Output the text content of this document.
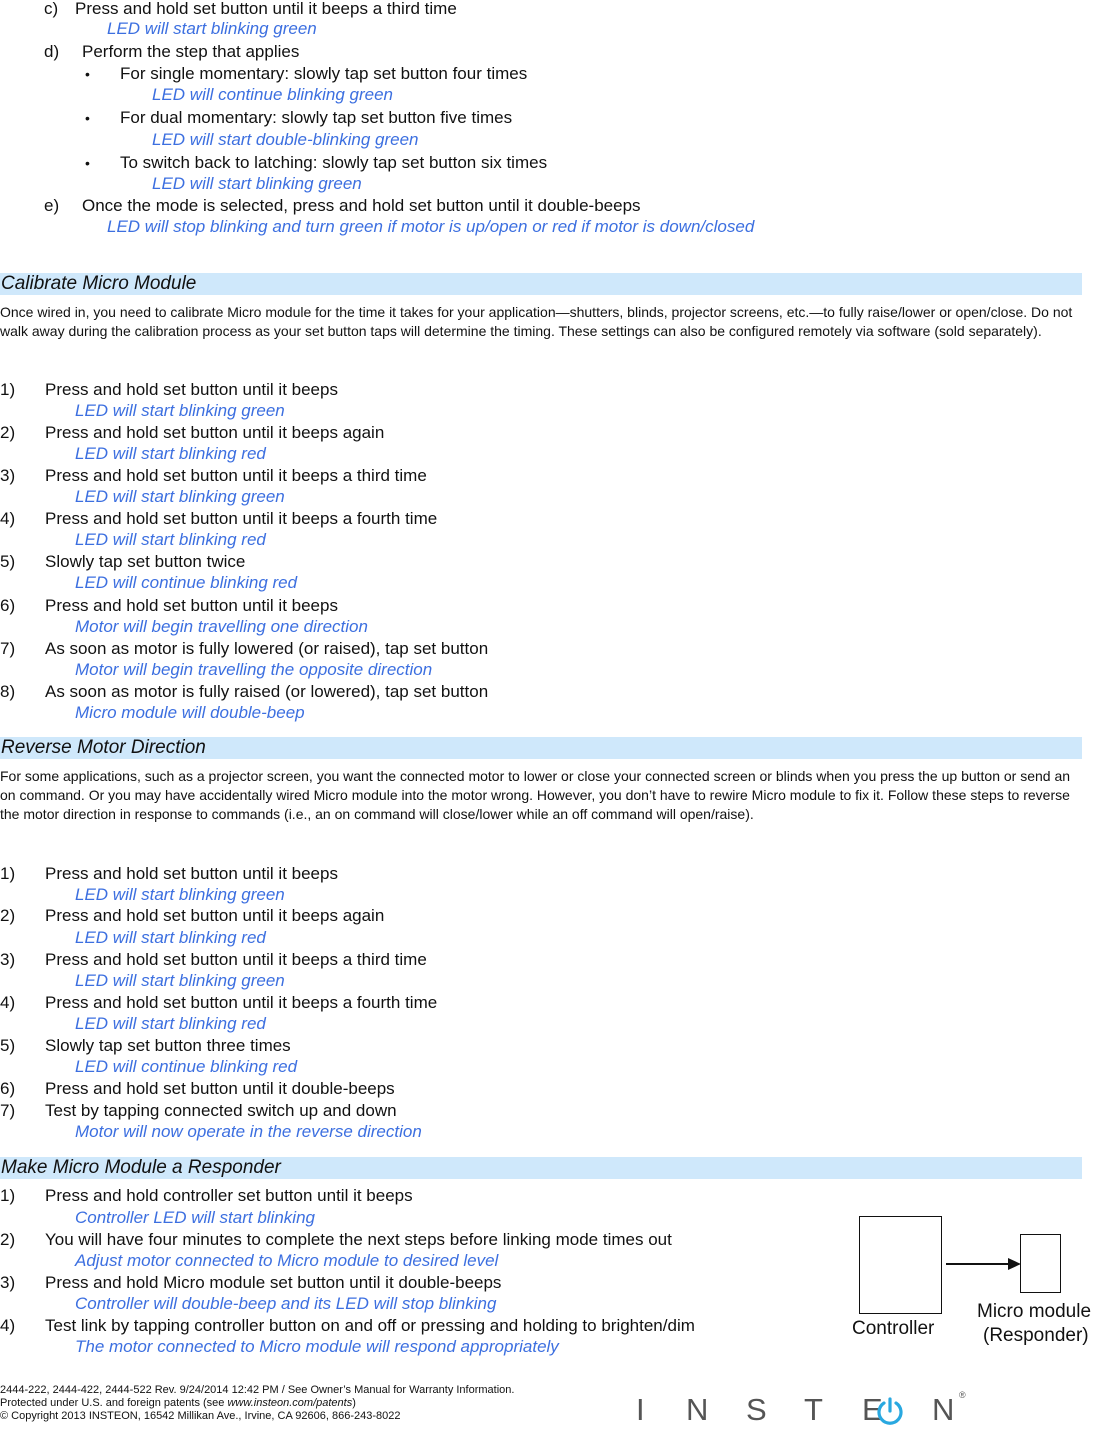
c) Press and hold set button until it beeps a third time
LED will start blinking green
d) Perform the step that applies
• For single momentary: slowly tap set button four times
LED will continue blinking green
• For dual momentary: slowly tap set button five times
LED will start double-blinking green
• To switch back to latching: slowly tap set button six times
LED will start blinking green
e) Once the mode is selected, press and hold set button until it double-beeps
LED will stop blinking and turn green if motor is up/open or red if motor is down/closed
Calibrate Micro Module
Once wired in, you need to calibrate Micro module for the time it takes for your application—shutters, blinds, projector screens, etc.—to fully raise/lower or open/close. Do not walk away during the calibration process as your set button taps will determine the timing. These settings can also be configured remotely via software (sold separately).
1) Press and hold set button until it beeps
LED will start blinking green
2) Press and hold set button until it beeps again
LED will start blinking red
3) Press and hold set button until it beeps a third time
LED will start blinking green
4) Press and hold set button until it beeps a fourth time
LED will start blinking red
5) Slowly tap set button twice
LED will continue blinking red
6) Press and hold set button until it beeps
Motor will begin travelling one direction
7) As soon as motor is fully lowered (or raised), tap set button
Motor will begin travelling the opposite direction
8) As soon as motor is fully raised (or lowered), tap set button
Micro module will double-beep
Reverse Motor Direction
For some applications, such as a projector screen, you want the connected motor to lower or close your connected screen or blinds when you press the up button or send an on command. Or you may have accidentally wired Micro module into the motor wrong. However, you don’t have to rewire Micro module to fix it. Follow these steps to reverse the motor direction in response to commands (i.e., an on command will close/lower while an off command will open/raise).
1) Press and hold set button until it beeps
LED will start blinking green
2) Press and hold set button until it beeps again
LED will start blinking red
3) Press and hold set button until it beeps a third time
LED will start blinking green
4) Press and hold set button until it beeps a fourth time
LED will start blinking red
5) Slowly tap set button three times
LED will continue blinking red
6) Press and hold set button until it double-beeps
7) Test by tapping connected switch up and down
Motor will now operate in the reverse direction
Make Micro Module a Responder
1) Press and hold controller set button until it beeps
Controller LED will start blinking
2) You will have four minutes to complete the next steps before linking mode times out
Adjust motor connected to Micro module to desired level
3) Press and hold Micro module set button until it double-beeps
Controller will double-beep and its LED will stop blinking
4) Test link by tapping controller button on and off or pressing and holding to brighten/dim
The motor connected to Micro module will respond appropriately
Controller
Micro module
(Responder)
2444-222, 2444-422, 2444-522 Rev. 9/24/2014 12:42 PM / See Owner’s Manual for Warranty Information.
Protected under U.S. and foreign patents (see www.insteon.com/patents)
© Copyright 2013 INSTEON, 16542 Millikan Ave., Irvine, CA 92606, 866-243-8022	I N S T E N ®
